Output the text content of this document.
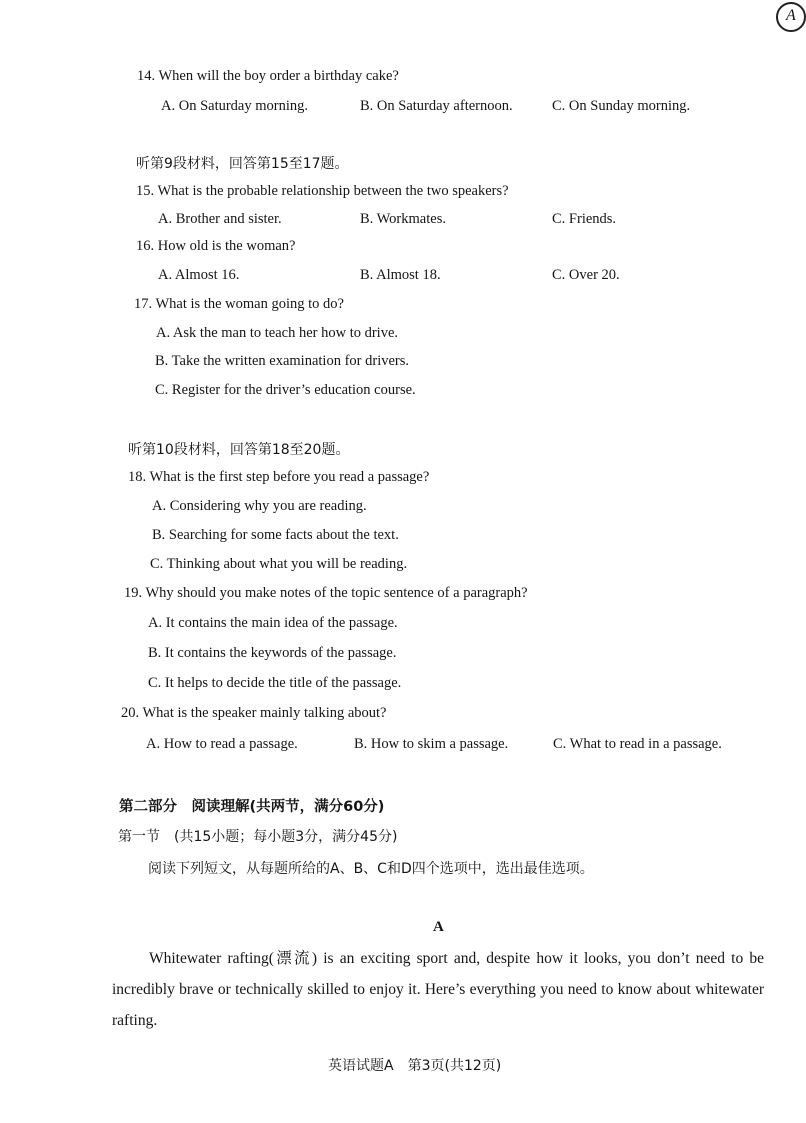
A
14. When will the boy order a birthday cake?
A. On Saturday morning.	B. On Saturday afternoon.	C. On Sunday morning.
听第9段材料，回答第15至17题。
15. What is the probable relationship between the two speakers?
A. Brother and sister.	B. Workmates.	C. Friends.
16. How old is the woman?
A. Almost 16.	B. Almost 18.	C. Over 20.
17. What is the woman going to do?
A. Ask the man to teach her how to drive.
B. Take the written examination for drivers.
C. Register for the driver’s education course.
听第10段材料，回答第18至20题。
18. What is the first step before you read a passage?
A. Considering why you are reading.
B. Searching for some facts about the text.
C. Thinking about what you will be reading.
19. Why should you make notes of the topic sentence of a paragraph?
A. It contains the main idea of the passage.
B. It contains the keywords of the passage.
C. It helps to decide the title of the passage.
20. What is the speaker mainly talking about?
A. How to read a passage.	B. How to skim a passage.	C. What to read in a passage.
第二部分　阅读理解(共两节，满分60分)
第一节　(共15小题；每小题3分，满分45分)
阅读下列短文，从每题所给的A、B、C和D四个选项中，选出最佳选项。
A
Whitewater rafting(漂流) is an exciting sport and, despite how it looks, you don’t need to be incredibly brave or technically skilled to enjoy it. Here’s everything you need to know about whitewater rafting.
英语试题A　第3页(共12页)
